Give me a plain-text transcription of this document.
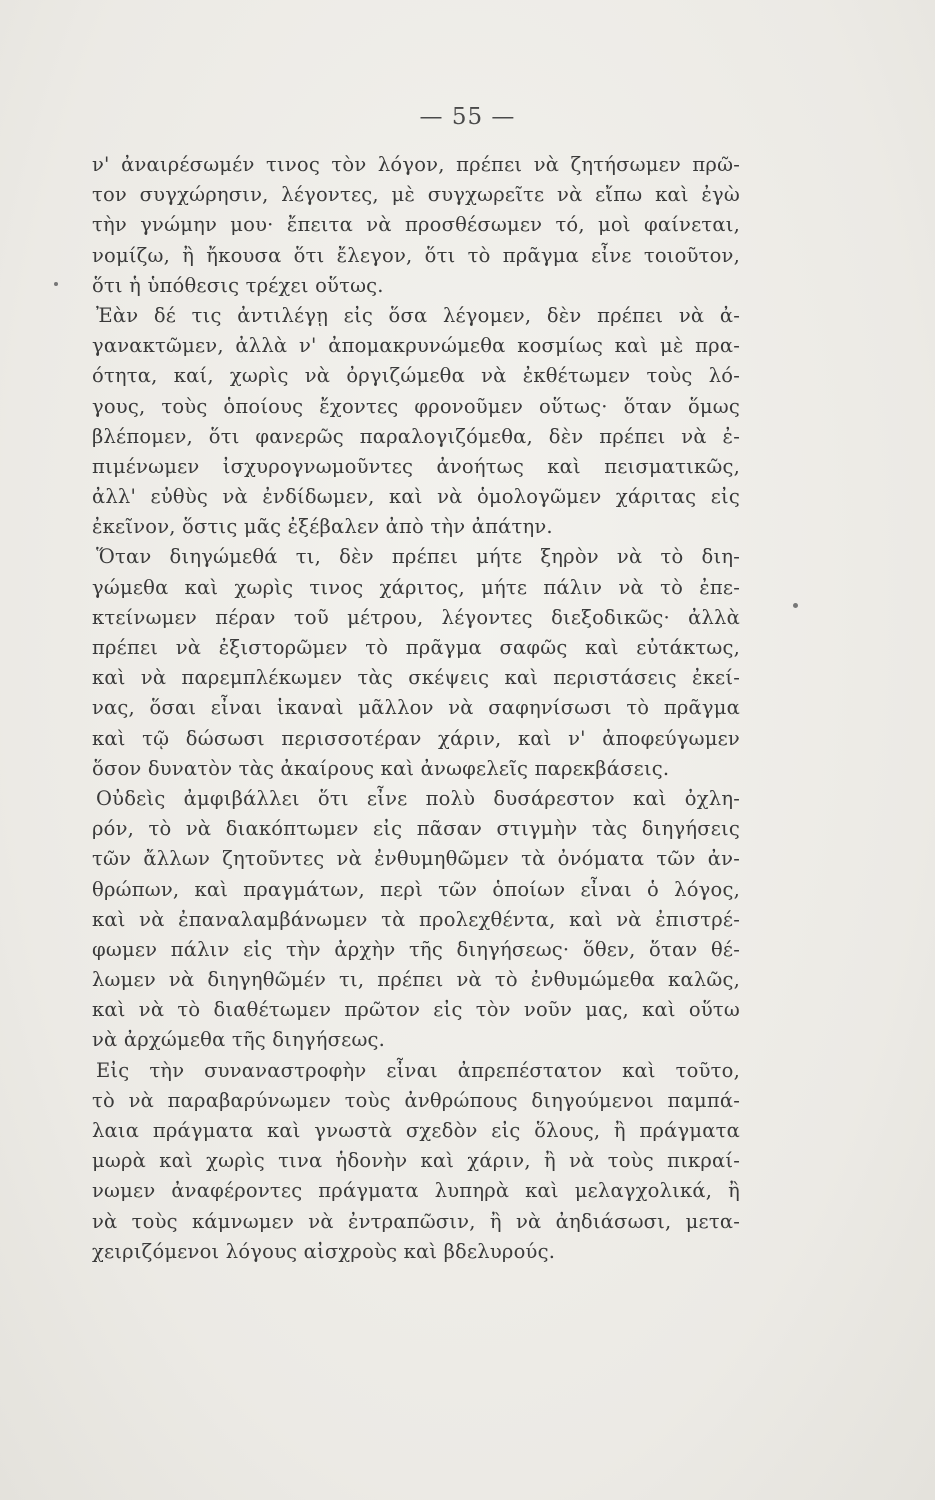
— 55 —
ν' ἀναιρέσωμέν τινος τὸν λόγον, πρέπει νὰ ζητήσωμεν πρῶ-
τον συγχώρησιν, λέγοντες, μὲ συγχωρεῖτε νὰ εἴπω καὶ ἐγὼ
τὴν γνώμην μου· ἔπειτα νὰ προσθέσωμεν τό, μοὶ φαίνεται,
νομίζω, ἢ ἤκουσα ὅτι ἔλεγον, ὅτι τὸ πρᾶγμα εἶνε τοιοῦτον,
ὅτι ἡ ὑπόθεσις τρέχει οὕτως.
Ἐὰν δέ τις ἀντιλέγῃ εἰς ὅσα λέγομεν, δὲν πρέπει νὰ ἀ-
γανακτῶμεν, ἀλλὰ ν' ἀπομακρυνώμεθα κοσμίως καὶ μὲ πρα-
ότητα, καί, χωρὶς νὰ ὀργιζώμεθα νὰ ἐκθέτωμεν τοὺς λό-
γους, τοὺς ὁποίους ἔχοντες φρονοῦμεν οὕτως· ὅταν ὅμως
βλέπομεν, ὅτι φανερῶς παραλογιζόμεθα, δὲν πρέπει νὰ ἐ-
πιμένωμεν ἰσχυρογνωμοῦντες ἀνοήτως καὶ πεισματικῶς,
ἀλλ' εὐθὺς νὰ ἐνδίδωμεν, καὶ νὰ ὁμολογῶμεν χάριτας εἰς
ἐκεῖνον, ὅστις μᾶς ἐξέβαλεν ἀπὸ τὴν ἀπάτην.
Ὅταν διηγώμεθά τι, δὲν πρέπει μήτε ξηρὸν νὰ τὸ διη-
γώμεθα καὶ χωρὶς τινος χάριτος, μήτε πάλιν νὰ τὸ ἐπε-
κτείνωμεν πέραν τοῦ μέτρου, λέγοντες διεξοδικῶς· ἀλλὰ
πρέπει νὰ ἐξιστορῶμεν τὸ πρᾶγμα σαφῶς καὶ εὐτάκτως,
καὶ νὰ παρεμπλέκωμεν τὰς σκέψεις καὶ περιστάσεις ἐκεί-
νας, ὅσαι εἶναι ἱκαναὶ μᾶλλον νὰ σαφηνίσωσι τὸ πρᾶγμα
καὶ τῷ δώσωσι περισσοτέραν χάριν, καὶ ν' ἀποφεύγωμεν
ὅσον δυνατὸν τὰς ἀκαίρους καὶ ἀνωφελεῖς παρεκβάσεις.
Οὐδεὶς ἀμφιβάλλει ὅτι εἶνε πολὺ δυσάρεστον καὶ ὀχλη-
ρόν, τὸ νὰ διακόπτωμεν εἰς πᾶσαν στιγμὴν τὰς διηγήσεις
τῶν ἄλλων ζητοῦντες νὰ ἐνθυμηθῶμεν τὰ ὀνόματα τῶν ἀν-
θρώπων, καὶ πραγμάτων, περὶ τῶν ὁποίων εἶναι ὁ λόγος,
καὶ νὰ ἐπαναλαμβάνωμεν τὰ προλεχθέντα, καὶ νὰ ἐπιστρέ-
φωμεν πάλιν εἰς τὴν ἀρχὴν τῆς διηγήσεως· ὅθεν, ὅταν θέ-
λωμεν νὰ διηγηθῶμέν τι, πρέπει νὰ τὸ ἐνθυμώμεθα καλῶς,
καὶ νὰ τὸ διαθέτωμεν πρῶτον εἰς τὸν νοῦν μας, καὶ οὕτω
νὰ ἀρχώμεθα τῆς διηγήσεως.
Εἰς τὴν συναναστροφὴν εἶναι ἀπρεπέστατον καὶ τοῦτο,
τὸ νὰ παραβαρύνωμεν τοὺς ἀνθρώπους διηγούμενοι παμπά-
λαια πράγματα καὶ γνωστὰ σχεδὸν εἰς ὅλους, ἢ πράγματα
μωρὰ καὶ χωρὶς τινα ἡδονὴν καὶ χάριν, ἢ νὰ τοὺς πικραί-
νωμεν ἀναφέροντες πράγματα λυπηρὰ καὶ μελαγχολικά, ἢ
νὰ τοὺς κάμνωμεν νὰ ἐντραπῶσιν, ἢ νὰ ἀηδιάσωσι, μετα-
χειριζόμενοι λόγους αἰσχροὺς καὶ βδελυρούς.
